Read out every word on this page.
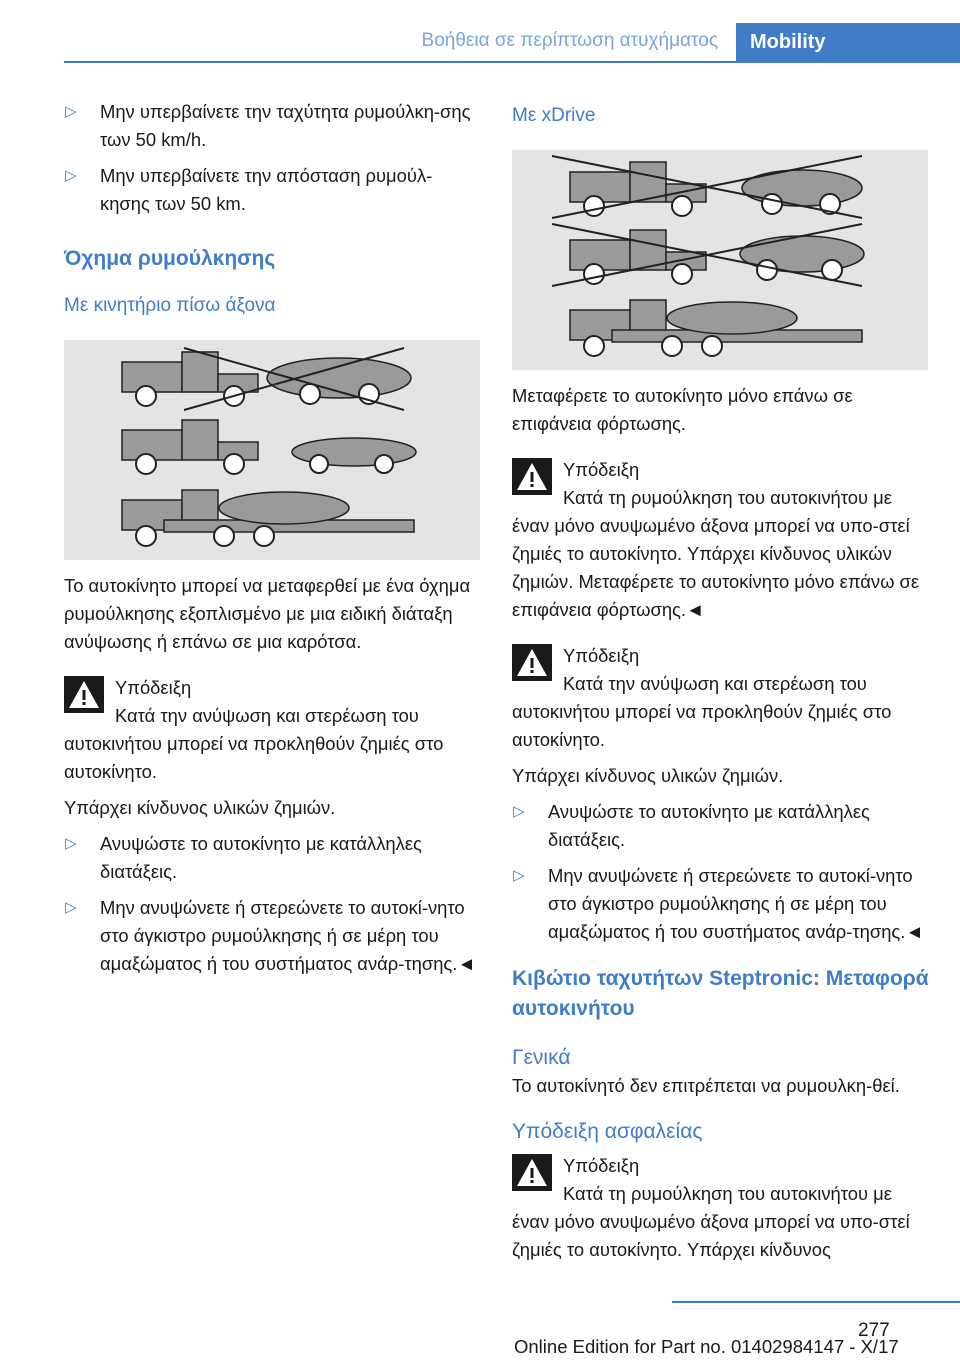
Βοήθεια σε περίπτωση ατυχήματος	Mobility
▷ Μην υπερβαίνετε την ταχύτητα ρυμούλκη-σης των 50 km/h.
▷ Μην υπερβαίνετε την απόσταση ρυμούλ-κησης των 50 km.
Όχημα ρυμούλκησης
Με κινητήριο πίσω άξονα
Το αυτοκίνητο μπορεί να μεταφερθεί με ένα όχημα ρυμούλκησης εξοπλισμένο με μια ειδική διάταξη ανύψωσης ή επάνω σε μια καρότσα.
Υπόδειξη
Κατά την ανύψωση και στερέωση του
αυτοκινήτου μπορεί να προκληθούν ζημιές στο αυτοκίνητο.
Υπάρχει κίνδυνος υλικών ζημιών.
▷ Ανυψώστε το αυτοκίνητο με κατάλληλες διατάξεις.
▷ Μην ανυψώνετε ή στερεώνετε το αυτοκί-νητο στο άγκιστρο ρυμούλκησης ή σε μέρη του αμαξώματος ή του συστήματος ανάρ-τησης.◄
Με xDrive
Μεταφέρετε το αυτοκίνητο μόνο επάνω σε επιφάνεια φόρτωσης.
Υπόδειξη
Κατά τη ρυμούλκηση του αυτοκινήτου με
έναν μόνο ανυψωμένο άξονα μπορεί να υπο-στεί ζημιές το αυτοκίνητο. Υπάρχει κίνδυνος υλικών ζημιών. Μεταφέρετε το αυτοκίνητο μόνο επάνω σε επιφάνεια φόρτωσης.◄
Υπόδειξη
Κατά την ανύψωση και στερέωση του
αυτοκινήτου μπορεί να προκληθούν ζημιές στο αυτοκίνητο.
Υπάρχει κίνδυνος υλικών ζημιών.
▷ Ανυψώστε το αυτοκίνητο με κατάλληλες διατάξεις.
▷ Μην ανυψώνετε ή στερεώνετε το αυτοκί-νητο στο άγκιστρο ρυμούλκησης ή σε μέρη του αμαξώματος ή του συστήματος ανάρ-τησης.◄
Κιβώτιο ταχυτήτων Steptronic: Μεταφορά αυτοκινήτου
Γενικά
Το αυτοκίνητό δεν επιτρέπεται να ρυμουλκη-θεί.
Υπόδειξη ασφαλείας
Υπόδειξη
Κατά τη ρυμούλκηση του αυτοκινήτου με
έναν μόνο ανυψωμένο άξονα μπορεί να υπο-στεί ζημιές το αυτοκίνητο. Υπάρχει κίνδυνος
277
Online Edition for Part no. 01402984147 - X/17
